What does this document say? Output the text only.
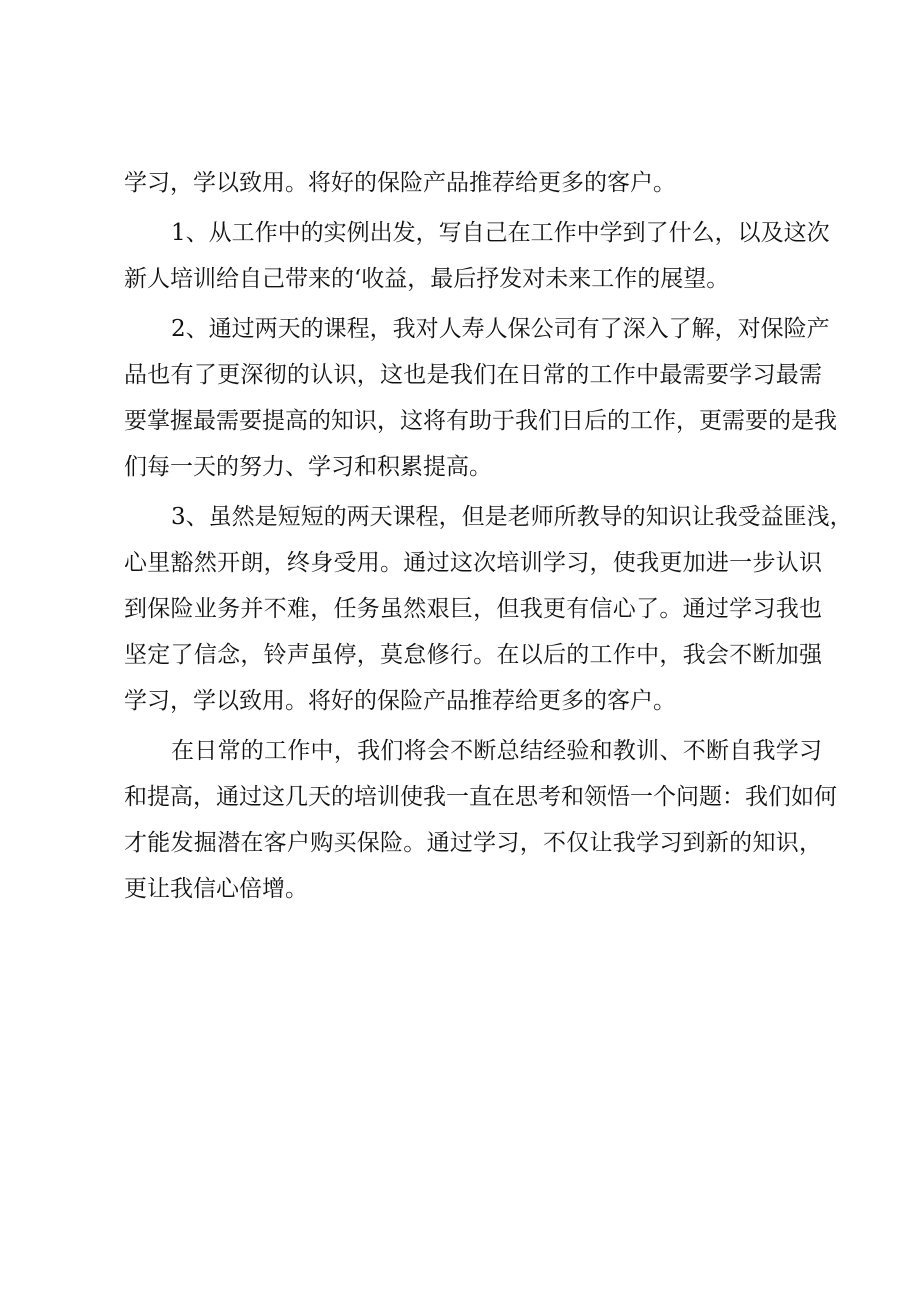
学习，学以致用。将好的保险产品推荐给更多的客户。
1、从工作中的实例出发，写自己在工作中学到了什么，以及这次
新人培训给自己带来的‘收益，最后抒发对未来工作的展望。
2、通过两天的课程，我对人寿人保公司有了深入了解，对保险产
品也有了更深彻的认识，这也是我们在日常的工作中最需要学习最需
要掌握最需要提高的知识，这将有助于我们日后的工作，更需要的是我
们每一天的努力、学习和积累提高。
3、虽然是短短的两天课程，但是老师所教导的知识让我受益匪浅，
心里豁然开朗，终身受用。通过这次培训学习，使我更加进一步认识
到保险业务并不难，任务虽然艰巨，但我更有信心了。通过学习我也
坚定了信念，铃声虽停，莫怠修行。在以后的工作中，我会不断加强
学习，学以致用。将好的保险产品推荐给更多的客户。
在日常的工作中，我们将会不断总结经验和教训、不断自我学习
和提高，通过这几天的培训使我一直在思考和领悟一个问题：我们如何
才能发掘潜在客户购买保险。通过学习，不仅让我学习到新的知识，
更让我信心倍增。
